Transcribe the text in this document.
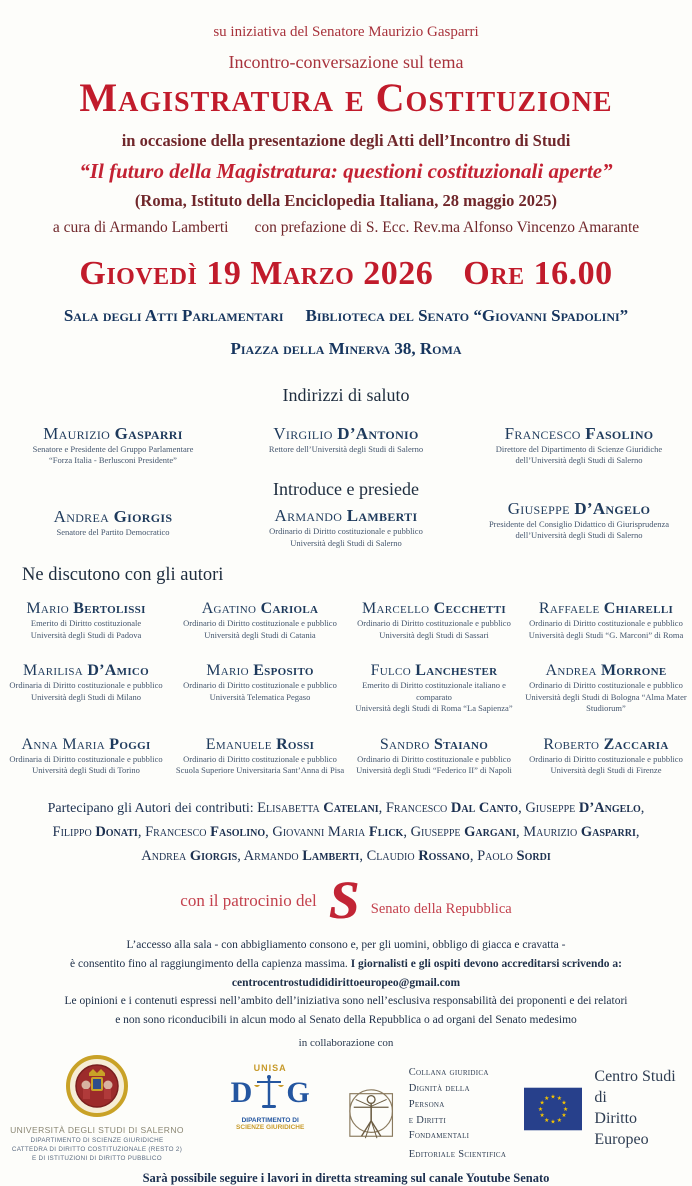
su iniziativa del Senatore Maurizio Gasparri
Incontro-conversazione sul tema
Magistratura e Costituzione
in occasione della presentazione degli Atti dell’Incontro di Studi
“Il futuro della Magistratura: questioni costituzionali aperte”
(Roma, Istituto della Enciclopedia Italiana, 28 maggio 2025)
a cura di Armando Lamberti con prefazione di S. Ecc. Rev.ma Alfonso Vincenzo Amarante
Giovedì 19 Marzo 2026 Ore 16.00
Sala degli Atti Parlamentari Biblioteca del Senato “Giovanni Spadolini”
Piazza della Minerva 38, Roma
Indirizzi di saluto
Maurizio Gasparri
Senatore e Presidente del Gruppo Parlamentare
“Forza Italia - Berlusconi Presidente”
Andrea Giorgis
Senatore del Partito Democratico
Virgilio D’Antonio
Rettore dell’Università degli Studi di Salerno
Introduce e presiede
Armando Lamberti
Ordinario di Diritto costituzionale e pubblico
Università degli Studi di Salerno
Francesco Fasolino
Direttore del Dipartimento di Scienze Giuridiche
dell’Università degli Studi di Salerno
Giuseppe D’Angelo
Presidente del Consiglio Didattico di Giurisprudenza
dell’Università degli Studi di Salerno
Ne discutono con gli autori
Mario Bertolissi
Emerito di Diritto costituzionale
Università degli Studi di Padova
Agatino Cariola
Ordinario di Diritto costituzionale e pubblico
Università degli Studi di Catania
Marcello Cecchetti
Ordinario di Diritto costituzionale e pubblico
Università degli Studi di Sassari
Raffaele Chiarelli
Ordinario di Diritto costituzionale e pubblico
Università degli Studi “G. Marconi” di Roma
Marilisa D’Amico
Ordinaria di Diritto costituzionale e pubblico
Università degli Studi di Milano
Mario Esposito
Ordinario di Diritto costituzionale e pubblico
Università Telematica Pegaso
Fulco Lanchester
Emerito di Diritto costituzionale italiano e comparato
Università degli Studi di Roma “La Sapienza”
Andrea Morrone
Ordinario di Diritto costituzionale e pubblico
Università degli Studi di Bologna “Alma Mater Studiorum”
Anna Maria Poggi
Ordinaria di Diritto costituzionale e pubblico
Università degli Studi di Torino
Emanuele Rossi
Ordinario di Diritto costituzionale e pubblico
Scuola Superiore Universitaria Sant’Anna di Pisa
Sandro Staiano
Ordinario di Diritto costituzionale e pubblico
Università degli Studi “Federico II” di Napoli
Roberto Zaccaria
Ordinario di Diritto costituzionale e pubblico
Università degli Studi di Firenze
Partecipano gli Autori dei contributi: Elisabetta Catelani, Francesco Dal Canto, Giuseppe D’Angelo, Filippo Donati, Francesco Fasolino, Giovanni Maria Flick, Giuseppe Gargani, Maurizio Gasparri, Andrea Giorgis, Armando Lamberti, Claudio Rossano, Paolo Sordi
con il patrocinio del S Senato della Repubblica
L’accesso alla sala - con abbigliamento consono e, per gli uomini, obbligo di giacca e cravatta -
è consentito fino al raggiungimento della capienza massima. I giornalisti e gli ospiti devono accreditarsi scrivendo a: centrocentrostudididirittoeuropeo@gmail.com
Le opinioni e i contenuti espressi nell’ambito dell’iniziativa sono nell’esclusiva responsabilità dei proponenti e dei relatori
e non sono riconducibili in alcun modo al Senato della Repubblica o ad organi del Senato medesimo
in collaborazione con
UNIVERSITÀ DEGLI STUDI DI SALERNO
DIPARTIMENTO DI SCIENZE GIURIDICHE
CATTEDRA DI DIRITTO COSTITUZIONALE (RESTO 2)
E DI ISTITUZIONI DI DIRITTO PUBBLICO
UNISA
D G
DIPARTIMENTO DI
SCIENZE GIURIDICHE
Collana giuridica
Dignità della Persona
e Diritti Fondamentali
Editoriale Scientifica
★
★
★
★
★
★
★
★
★ ★ ★
★
Centro Studi di
Diritto Europeo
Sarà possibile seguire i lavori in diretta streaming sul canale Youtube Senato
